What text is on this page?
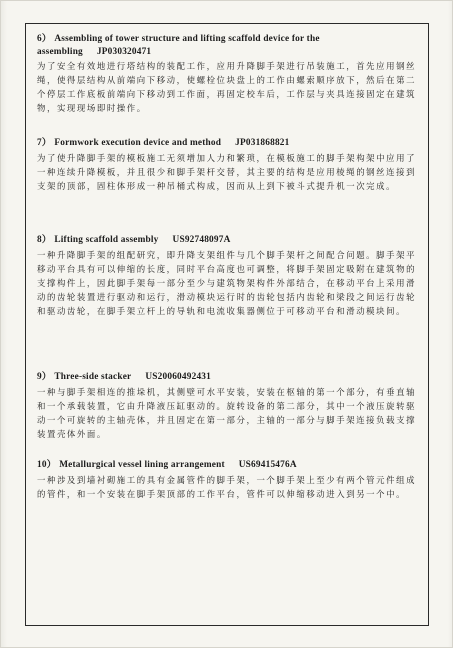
6） Assembling of tower structure and lifting scaffold device for the assembling JP030320471

为了安全有效地进行塔结构的装配工作，应用升降脚手架进行吊装施工，首先应用钢丝绳，使得层结构从前端向下移动，使螺栓位块盘上的工作由螺索顺序放下，然后在第二个停层工作底板前端向下移动到工作面，再固定校车后，工作层与夹具连接固定在建筑物，实现现场即时操作。

7） Formwork execution device and method JP031868821

为了使升降脚手架的模板施工无须增加人力和繁琐，在模板施工的脚手架构架中应用了一种连续升降模板，并且很少和脚手架杆交替，其主要的结构是应用棱绳的钢丝连接到支架的顶部，固柱体形成一种吊桶式构成，因而从上到下被斗式提升机一次完成。

8） Lifting scaffold assembly US92748097A

一种升降脚手架的组配研究，即升降支架组件与几个脚手架杆之间配合问题。脚手架平移动平台具有可以伸缩的长度，同时平台高度也可调整，将脚手架固定吸附在建筑物的支撑构件上，因此脚手架每一部分至少与建筑物架构件外部结合，在移动平台上采用滑动的齿轮装置进行驱动和运行，滑动模块运行时的齿轮包括内齿轮和梁段之间运行齿轮和驱动齿轮，在脚手架立杆上的导轨和电流收集器侧位于可移动平台和滑动模块间。

9） Three-side stacker US20060492431

一种与脚手架相连的推垛机，其侧壁可水平安装，安装在枢轴的第一个部分，有垂直轴和一个承载装置，它由升降液压缸驱动的。旋转设备的第二部分，其中一个液压旋转驱动一个可旋转的主轴壳体，并且固定在第一部分，主轴的一部分与脚手架连接负载支撑装置壳体外面。

10） Metallurgical vessel lining arrangement US69415476A

一种涉及到墙衬砌施工的具有金属管件的脚手架，一个脚手架上至少有两个管元件组成的管件，和一个安装在脚手架顶部的工作平台，管件可以伸缩移动进入到另一个中。
